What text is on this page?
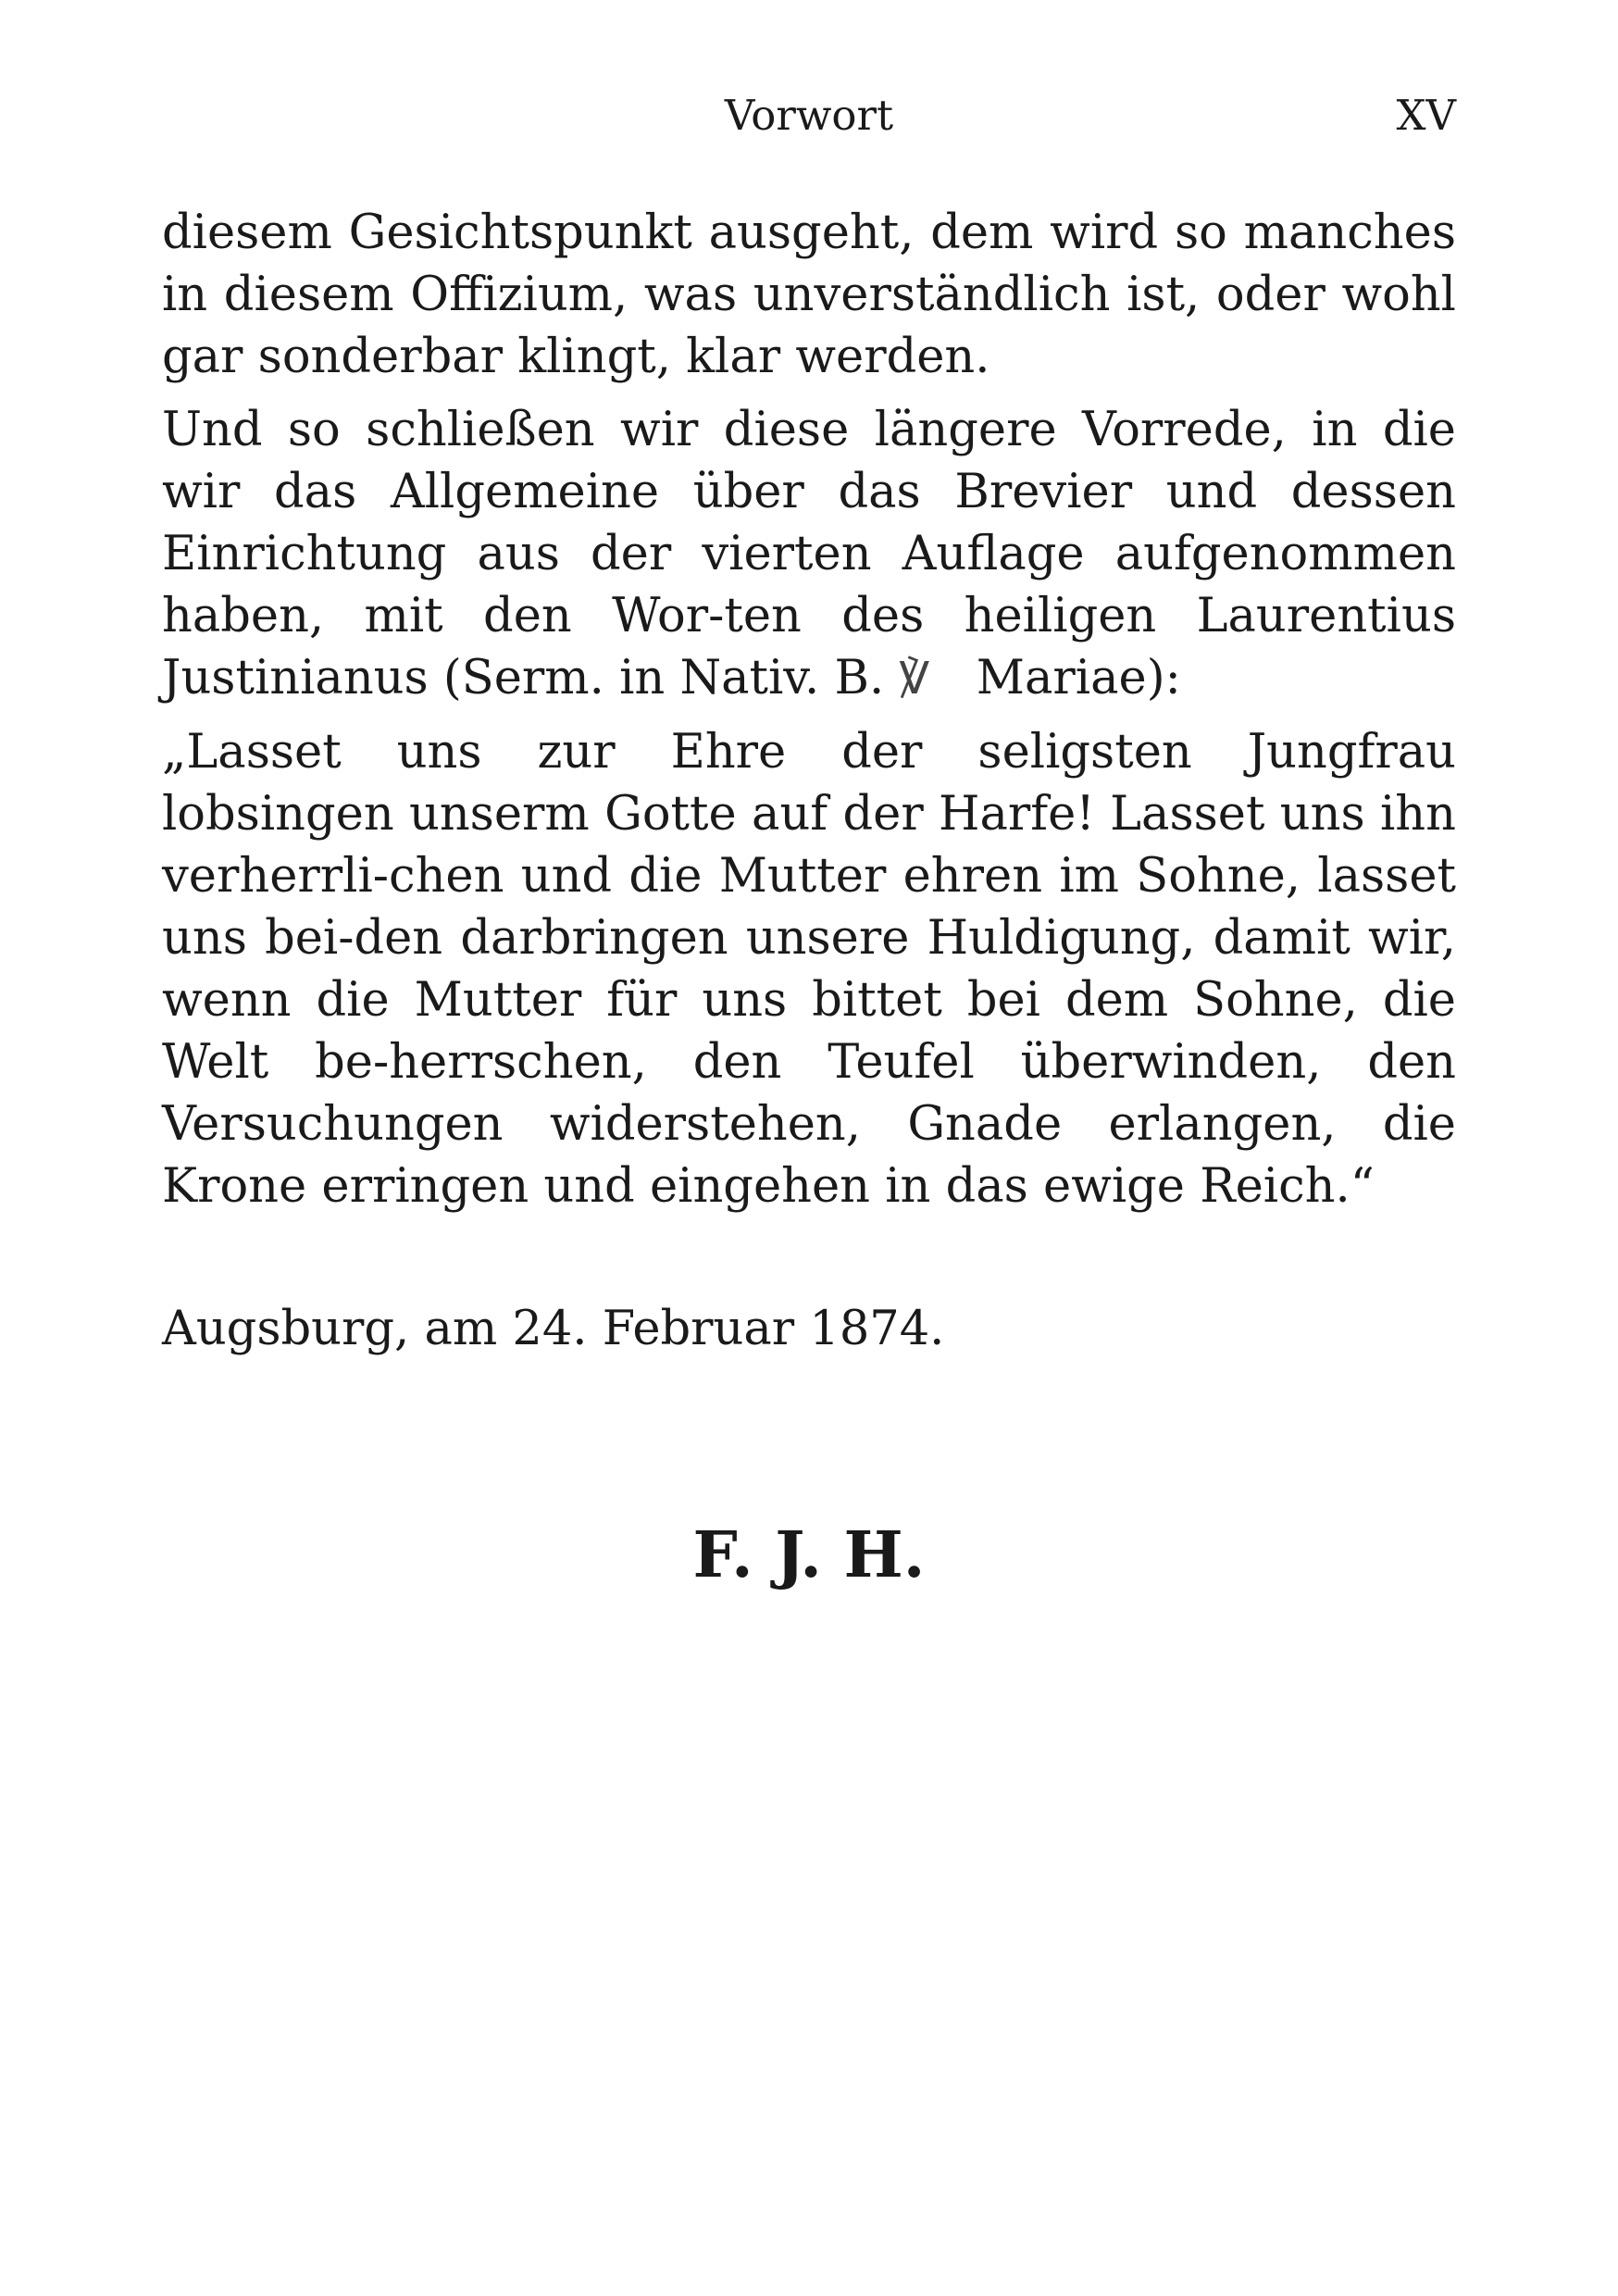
Vorwort	XV

diesem Gesichtspunkt ausgeht, dem wird so manches in diesem Offizium, was unverständlich ist, oder wohl gar sonderbar klingt, klar werden.

Und so schließen wir diese längere Vorrede, in die wir das Allgemeine über das Brevier und dessen Einrichtung aus der vierten Auflage aufgenommen haben, mit den Wor-ten des heiligen Laurentius Justinianus (Serm. in Nativ. B. ℣ Mariae):

„Lasset uns zur Ehre der seligsten Jungfrau lobsingen unserm Gotte auf der Harfe! Lasset uns ihn verherrli-chen und die Mutter ehren im Sohne, lasset uns bei-den darbringen unsere Huldigung, damit wir, wenn die Mutter für uns bittet bei dem Sohne, die Welt be-herrschen, den Teufel überwinden, den Versuchungen widerstehen, Gnade erlangen, die Krone erringen und eingehen in das ewige Reich.“

Augsburg, am 24. Februar 1874.
F. J. H.
